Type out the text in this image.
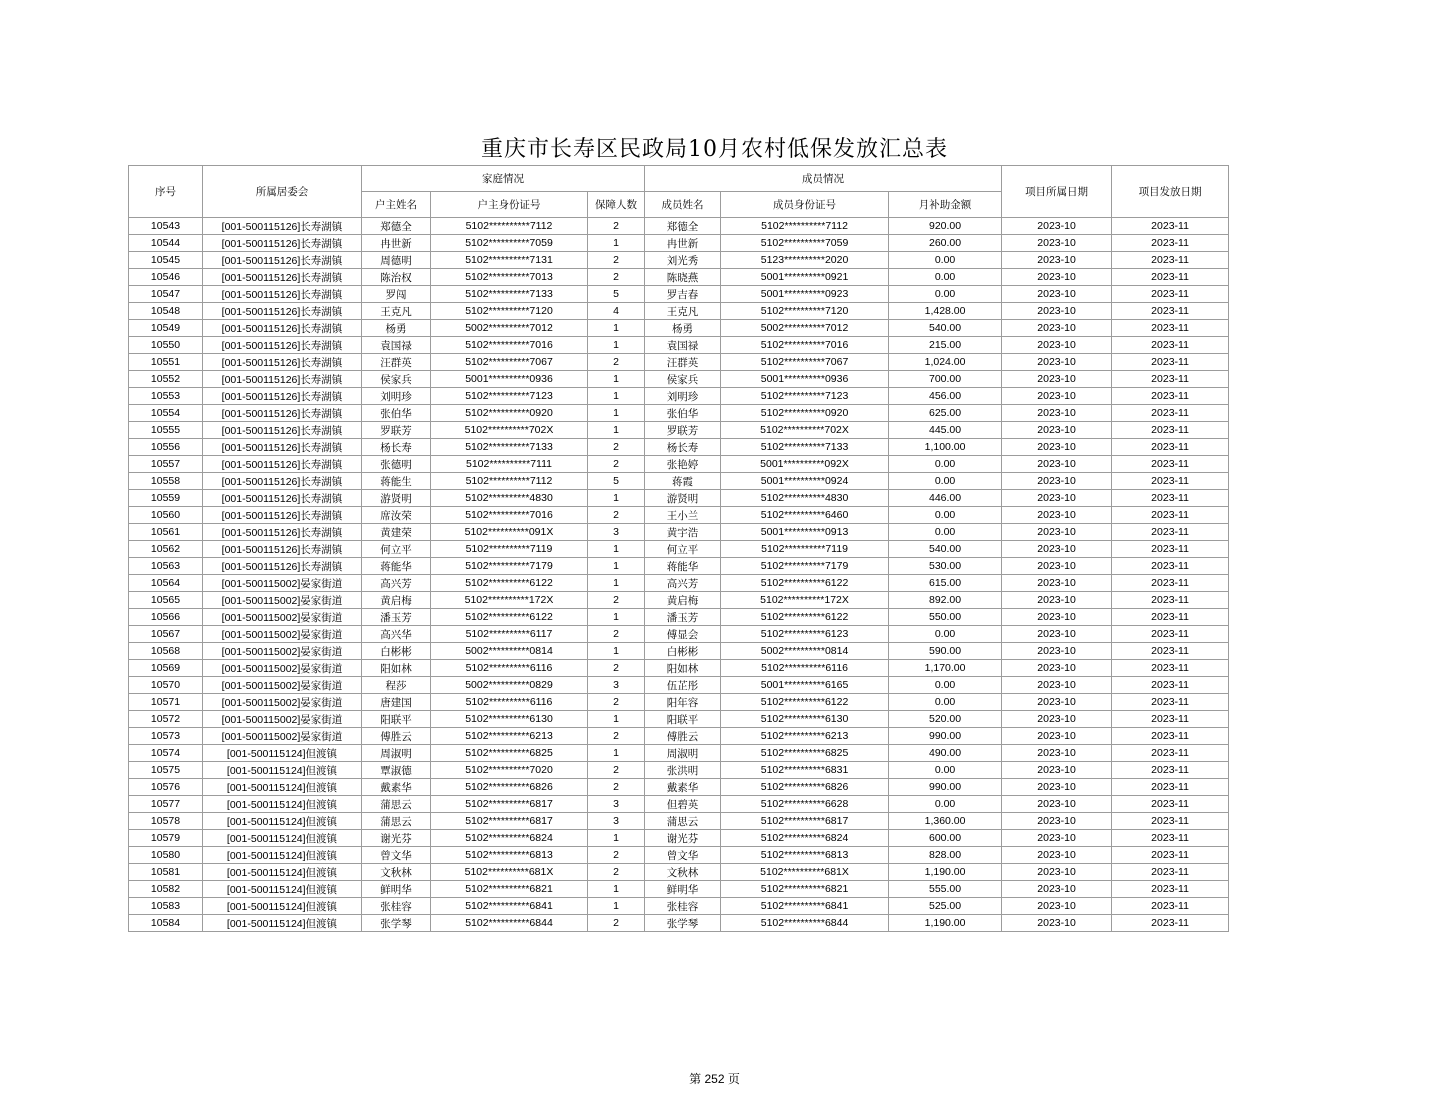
重庆市长寿区民政局10月农村低保发放汇总表
序号	所属居委会	家庭情况			成员情况			项目所属日期	项目发放日期
		户主姓名	户主身份证号	保障人数	成员姓名	成员身份证号	月补助金额		
10543	[001-500115126]长寿湖镇	郑德全	5102**********7112	2	郑德全	5102**********7112	920.00	2023-10	2023-11
10544	[001-500115126]长寿湖镇	冉世新	5102**********7059	1	冉世新	5102**********7059	260.00	2023-10	2023-11
10545	[001-500115126]长寿湖镇	周德明	5102**********7131	2	刘光秀	5123**********2020	0.00	2023-10	2023-11
10546	[001-500115126]长寿湖镇	陈治权	5102**********7013	2	陈晓燕	5001**********0921	0.00	2023-10	2023-11
10547	[001-500115126]长寿湖镇	罗闯	5102**********7133	5	罗吉春	5001**********0923	0.00	2023-10	2023-11
10548	[001-500115126]长寿湖镇	王克凡	5102**********7120	4	王克凡	5102**********7120	1,428.00	2023-10	2023-11
10549	[001-500115126]长寿湖镇	杨勇	5002**********7012	1	杨勇	5002**********7012	540.00	2023-10	2023-11
10550	[001-500115126]长寿湖镇	袁国禄	5102**********7016	1	袁国禄	5102**********7016	215.00	2023-10	2023-11
10551	[001-500115126]长寿湖镇	汪群英	5102**********7067	2	汪群英	5102**********7067	1,024.00	2023-10	2023-11
10552	[001-500115126]长寿湖镇	侯家兵	5001**********0936	1	侯家兵	5001**********0936	700.00	2023-10	2023-11
10553	[001-500115126]长寿湖镇	刘明珍	5102**********7123	1	刘明珍	5102**********7123	456.00	2023-10	2023-11
10554	[001-500115126]长寿湖镇	张伯华	5102**********0920	1	张伯华	5102**********0920	625.00	2023-10	2023-11
10555	[001-500115126]长寿湖镇	罗联芳	5102**********702X	1	罗联芳	5102**********702X	445.00	2023-10	2023-11
10556	[001-500115126]长寿湖镇	杨长寿	5102**********7133	2	杨长寿	5102**********7133	1,100.00	2023-10	2023-11
10557	[001-500115126]长寿湖镇	张德明	5102**********7111	2	张艳婷	5001**********092X	0.00	2023-10	2023-11
10558	[001-500115126]长寿湖镇	蒋能生	5102**********7112	5	蒋霞	5001**********0924	0.00	2023-10	2023-11
10559	[001-500115126]长寿湖镇	游贤明	5102**********4830	1	游贤明	5102**********4830	446.00	2023-10	2023-11
10560	[001-500115126]长寿湖镇	席汝荣	5102**********7016	2	王小兰	5102**********6460	0.00	2023-10	2023-11
10561	[001-500115126]长寿湖镇	黄建荣	5102**********091X	3	黄宇浩	5001**********0913	0.00	2023-10	2023-11
10562	[001-500115126]长寿湖镇	何立平	5102**********7119	1	何立平	5102**********7119	540.00	2023-10	2023-11
10563	[001-500115126]长寿湖镇	蒋能华	5102**********7179	1	蒋能华	5102**********7179	530.00	2023-10	2023-11
10564	[001-500115002]晏家街道	高兴芳	5102**********6122	1	高兴芳	5102**********6122	615.00	2023-10	2023-11
10565	[001-500115002]晏家街道	黄启梅	5102**********172X	2	黄启梅	5102**********172X	892.00	2023-10	2023-11
10566	[001-500115002]晏家街道	潘玉芳	5102**********6122	1	潘玉芳	5102**********6122	550.00	2023-10	2023-11
10567	[001-500115002]晏家街道	高兴华	5102**********6117	2	傅显会	5102**********6123	0.00	2023-10	2023-11
10568	[001-500115002]晏家街道	白彬彬	5002**********0814	1	白彬彬	5002**********0814	590.00	2023-10	2023-11
10569	[001-500115002]晏家街道	阳如林	5102**********6116	2	阳如林	5102**********6116	1,170.00	2023-10	2023-11
10570	[001-500115002]晏家街道	程莎	5002**********0829	3	伍芷彤	5001**********6165	0.00	2023-10	2023-11
10571	[001-500115002]晏家街道	唐建国	5102**********6116	2	阳年容	5102**********6122	0.00	2023-10	2023-11
10572	[001-500115002]晏家街道	阳联平	5102**********6130	1	阳联平	5102**********6130	520.00	2023-10	2023-11
10573	[001-500115002]晏家街道	傅胜云	5102**********6213	2	傅胜云	5102**********6213	990.00	2023-10	2023-11
10574	[001-500115124]但渡镇	周淑明	5102**********6825	1	周淑明	5102**********6825	490.00	2023-10	2023-11
10575	[001-500115124]但渡镇	覃淑德	5102**********7020	2	张洪明	5102**********6831	0.00	2023-10	2023-11
10576	[001-500115124]但渡镇	戴素华	5102**********6826	2	戴素华	5102**********6826	990.00	2023-10	2023-11
10577	[001-500115124]但渡镇	蒲思云	5102**********6817	3	但碧英	5102**********6628	0.00	2023-10	2023-11
10578	[001-500115124]但渡镇	蒲思云	5102**********6817	3	蒲思云	5102**********6817	1,360.00	2023-10	2023-11
10579	[001-500115124]但渡镇	谢光芬	5102**********6824	1	谢光芬	5102**********6824	600.00	2023-10	2023-11
10580	[001-500115124]但渡镇	曾文华	5102**********6813	2	曾文华	5102**********6813	828.00	2023-10	2023-11
10581	[001-500115124]但渡镇	文秋林	5102**********681X	2	文秋林	5102**********681X	1,190.00	2023-10	2023-11
10582	[001-500115124]但渡镇	鲜明华	5102**********6821	1	鲜明华	5102**********6821	555.00	2023-10	2023-11
10583	[001-500115124]但渡镇	张桂容	5102**********6841	1	张桂容	5102**********6841	525.00	2023-10	2023-11
10584	[001-500115124]但渡镇	张学琴	5102**********6844	2	张学琴	5102**********6844	1,190.00	2023-10	2023-11
第 252 页
